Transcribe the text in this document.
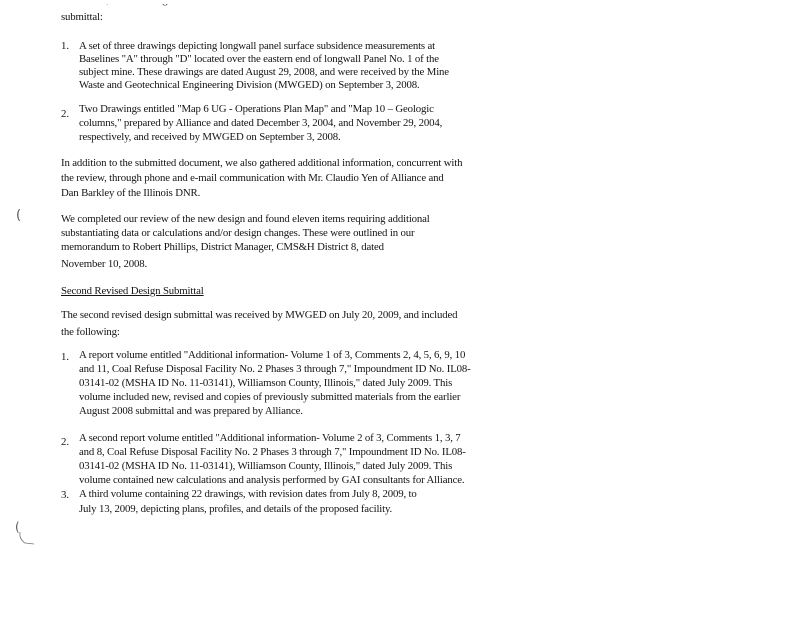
submittal:
1. A set of three drawings depicting longwall panel surface subsidence measurements at
Baselines "A" through "D" located over the eastern end of longwall Panel No. 1 of the
subject mine. These drawings are dated August 29, 2008, and were received by the Mine
Waste and Geotechnical Engineering Division (MWGED) on September 3, 2008.
2. Two Drawings entitled "Map 6 UG - Operations Plan Map" and "Map 10 – Geologic
columns," prepared by Alliance and dated December 3, 2004, and November 29, 2004,
respectively, and received by MWGED on September 3, 2008.
In addition to the submitted document, we also gathered additional information, concurrent with
the review, through phone and e-mail communication with Mr. Claudio Yen of Alliance and
Dan Barkley of the Illinois DNR.
We completed our review of the new design and found eleven items requiring additional
substantiating data or calculations and/or design changes. These were outlined in our
memorandum to Robert Phillips, District Manager, CMS&H District 8, dated
November 10, 2008.
Second Revised Design Submittal
The second revised design submittal was received by MWGED on July 20, 2009, and included
the following:
1. A report volume entitled "Additional information- Volume 1 of 3, Comments 2, 4, 5, 6, 9, 10
and 11, Coal Refuse Disposal Facility No. 2 Phases 3 through 7," Impoundment ID No. IL08-
03141-02 (MSHA ID No. 11-03141), Williamson County, Illinois," dated July 2009. This
volume included new, revised and copies of previously submitted materials from the earlier
August 2008 submittal and was prepared by Alliance.
2. A second report volume entitled "Additional information- Volume 2 of 3, Comments 1, 3, 7
and 8, Coal Refuse Disposal Facility No. 2 Phases 3 through 7," Impoundment ID No. IL08-
03141-02 (MSHA ID No. 11-03141), Williamson County, Illinois," dated July 2009. This
volume contained new calculations and analysis performed by GAI consultants for Alliance.
3. A third volume containing 22 drawings, with revision dates from July 8, 2009, to
July 13, 2009, depicting plans, profiles, and details of the proposed facility.
(
(
